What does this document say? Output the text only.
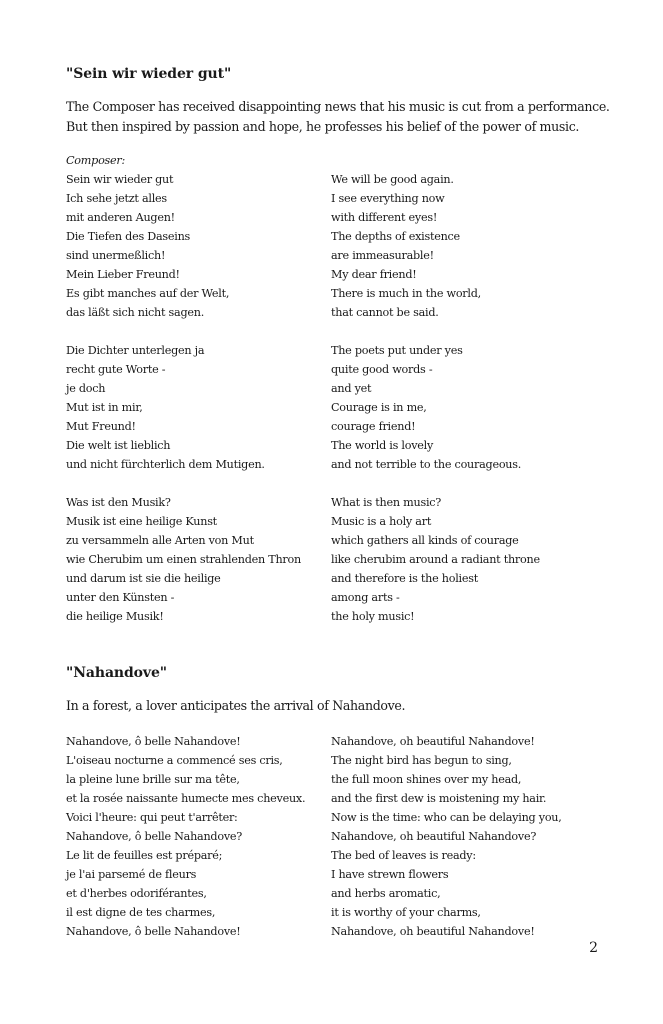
"Sein wir wieder gut"

The Composer has received disappointing news that his music is cut from a performance.

But then inspired by passion and hope, he professes his belief of the power of music.

Composer:
Sein wir wieder gut
Ich sehe jetzt alles
mit anderen Augen!
Die Tiefen des Daseins
sind unermeßlich!
Mein Lieber Freund!
Es gibt manches auf der Welt,
das läßt sich nicht sagen.
Die Dichter unterlegen ja
recht gute Worte -
je doch
Mut ist in mir,
Mut Freund!
Die welt ist lieblich
und nicht fürchterlich dem Mutigen.
Was ist den Musik?
Musik ist eine heilige Kunst
zu versammeln alle Arten von Mut
wie Cherubim um einen strahlenden Thron
und darum ist sie die heilige
unter den Künsten -
die heilige Musik!
We will be good again.
I see everything now
with different eyes!
The depths of existence
are immeasurable!
My dear friend!
There is much in the world,
that cannot be said.
The poets put under yes
quite good words -
and yet
Courage is in me,
courage friend!
The world is lovely
and not terrible to the courageous.
What is then music?
Music is a holy art
which gathers all kinds of courage
like cherubim around a radiant throne
and therefore is the holiest
among arts -
the holy music!
"Nahandove"

In a forest, a lover anticipates the arrival of Nahandove.

Nahandove, ô belle Nahandove!
L'oiseau nocturne a commencé ses cris,
la pleine lune brille sur ma tête,
et la rosée naissante humecte mes cheveux.
Voici l'heure: qui peut t'arrêter:
Nahandove, ô belle Nahandove?
Le lit de feuilles est préparé;
je l'ai parsemé de fleurs
et d'herbes odoriférantes,
il est digne de tes charmes,
Nahandove, ô belle Nahandove!
Nahandove, oh beautiful Nahandove!
The night bird has begun to sing,
the full moon shines over my head,
and the first dew is moistening my hair.
Now is the time: who can be delaying you,
Nahandove, oh beautiful Nahandove?
The bed of leaves is ready:
I have strewn flowers
and herbs aromatic,
it is worthy of your charms,
Nahandove, oh beautiful Nahandove!
2
